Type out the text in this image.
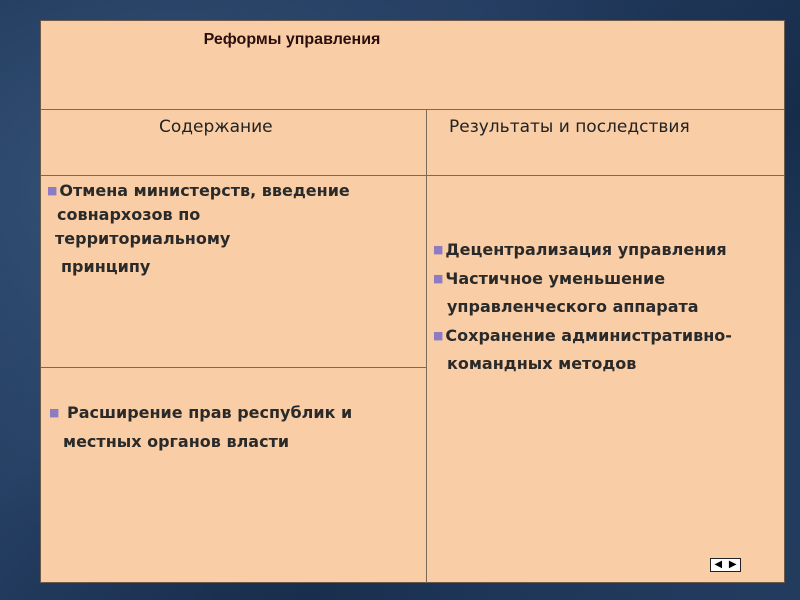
Реформы управления
Содержание	Результаты и последствия
■ Отмена министерств, введение
совнархозов по
территориальному
принципу
■ Расширение прав республик и
местных органов власти
■ Децентрализация управления
■ Частичное уменьшение
управленческого аппарата
■ Сохранение административно-
командных методов
◀ ▶
